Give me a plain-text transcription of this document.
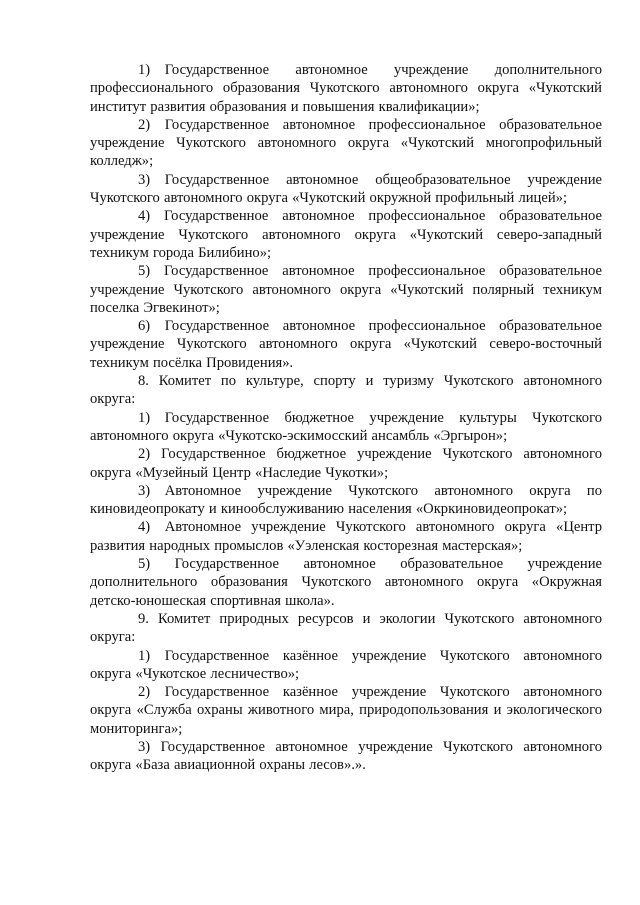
1) Государственное автономное учреждение дополнительного профессионального образования Чукотского автономного округа «Чукотский институт развития образования и повышения квалификации»;

2) Государственное автономное профессиональное образовательное учреждение Чукотского автономного округа «Чукотский многопрофильный колледж»;

3) Государственное автономное общеобразовательное учреждение Чукотского автономного округа «Чукотский окружной профильный лицей»;

4) Государственное автономное профессиональное образовательное учреждение Чукотского автономного округа «Чукотский северо-западный техникум города Билибино»;

5) Государственное автономное профессиональное образовательное учреждение Чукотского автономного округа «Чукотский полярный техникум поселка Эгвекинот»;

6) Государственное автономное профессиональное образовательное учреждение Чукотского автономного округа «Чукотский северо-восточный техникум посёлка Провидения».

8. Комитет по культуре, спорту и туризму Чукотского автономного округа:

1) Государственное бюджетное учреждение культуры Чукотского автономного округа «Чукотско-эскимосский ансамбль «Эргырон»;

2) Государственное бюджетное учреждение Чукотского автономного округа «Музейный Центр «Наследие Чукотки»;

3) Автономное учреждение Чукотского автономного округа по киновидеопрокату и кинообслуживанию населения «Окркиновидеопрокат»;

4) Автономное учреждение Чукотского автономного округа «Центр развития народных промыслов «Уэленская косторезная мастерская»;

5) Государственное автономное образовательное учреждение дополнительного образования Чукотского автономного округа «Окружная детско-юношеская спортивная школа».

9. Комитет природных ресурсов и экологии Чукотского автономного округа:

1) Государственное казённое учреждение Чукотского автономного округа «Чукотское лесничество»;

2) Государственное казённое учреждение Чукотского автономного округа «Служба охраны животного мира, природопользования и экологического мониторинга»;

3) Государственное автономное учреждение Чукотского автономного округа «База авиационной охраны лесов».».
